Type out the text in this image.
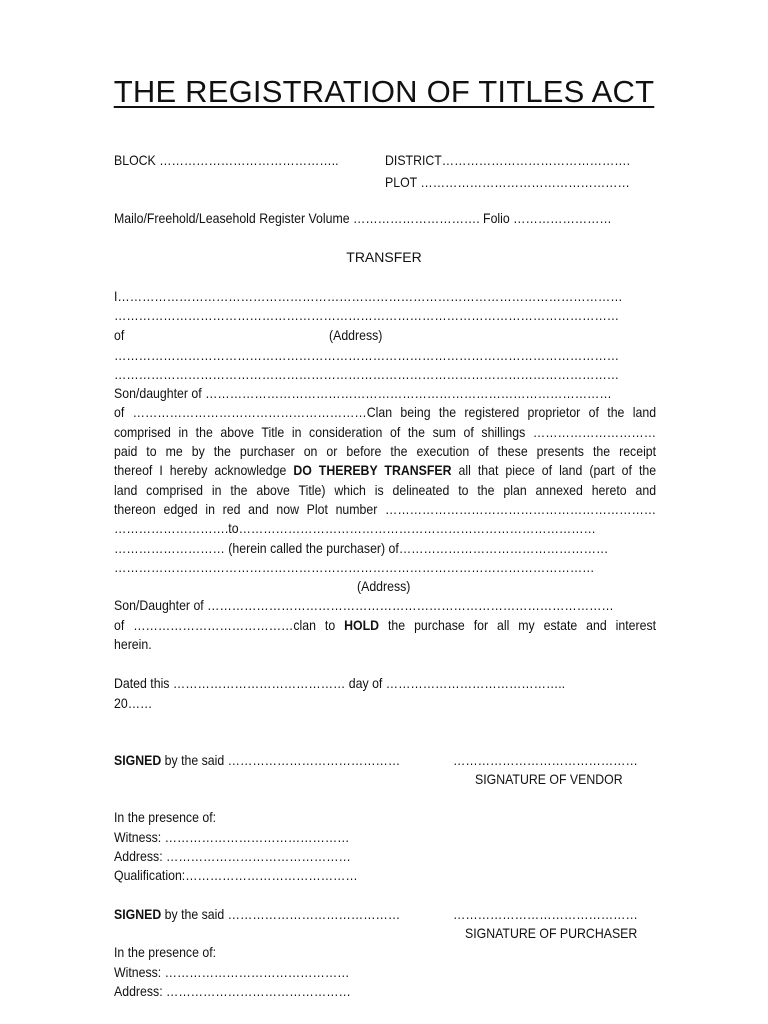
THE REGISTRATION OF TITLES ACT
BLOCK ……………………………………..	DISTRICT……………………………………….
PLOT ……………………………………………
Mailo/Freehold/Leasehold Register Volume …………………………. Folio ……………………
TRANSFER
I……………………………………………………………………………………………………………
……………………………………………………………………………………………………………
of	(Address)
……………………………………………………………………………………………………………
……………………………………………………………………………………………………………
Son/daughter of ………………………………………………………………………………………
of …………………………………………………Clan being the registered proprietor of the land
comprised in the above Title in consideration of the sum of shillings …………………………
paid to me by the purchaser on or before the execution of these presents the receipt
thereof I hereby acknowledge DO THEREBY TRANSFER all that piece of land (part of the
land comprised in the above Title) which is delineated to the plan annexed hereto and
thereon edged in red and now Plot number …………………………………………………………
……………………….to……………………………………………………………………………
……………………… (herein called the purchaser) of……………………………………………
………………………………………………………………………………………………………
(Address)
Son/Daughter of ………………………………………………………………………………………
of …………………………………clan to HOLD the purchase for all my estate and interest
herein.
Dated this …………………………………… day of ……………………………………..
20……
SIGNED by the said ……………………………………	………………………………………
SIGNATURE OF VENDOR
In the presence of:
Witness: ………………………………………
Address: ………………………………………
Qualification:……………………………………
SIGNED by the said ……………………………………	………………………………………
SIGNATURE OF PURCHASER
In the presence of:
Witness: ………………………………………
Address: ………………………………………
